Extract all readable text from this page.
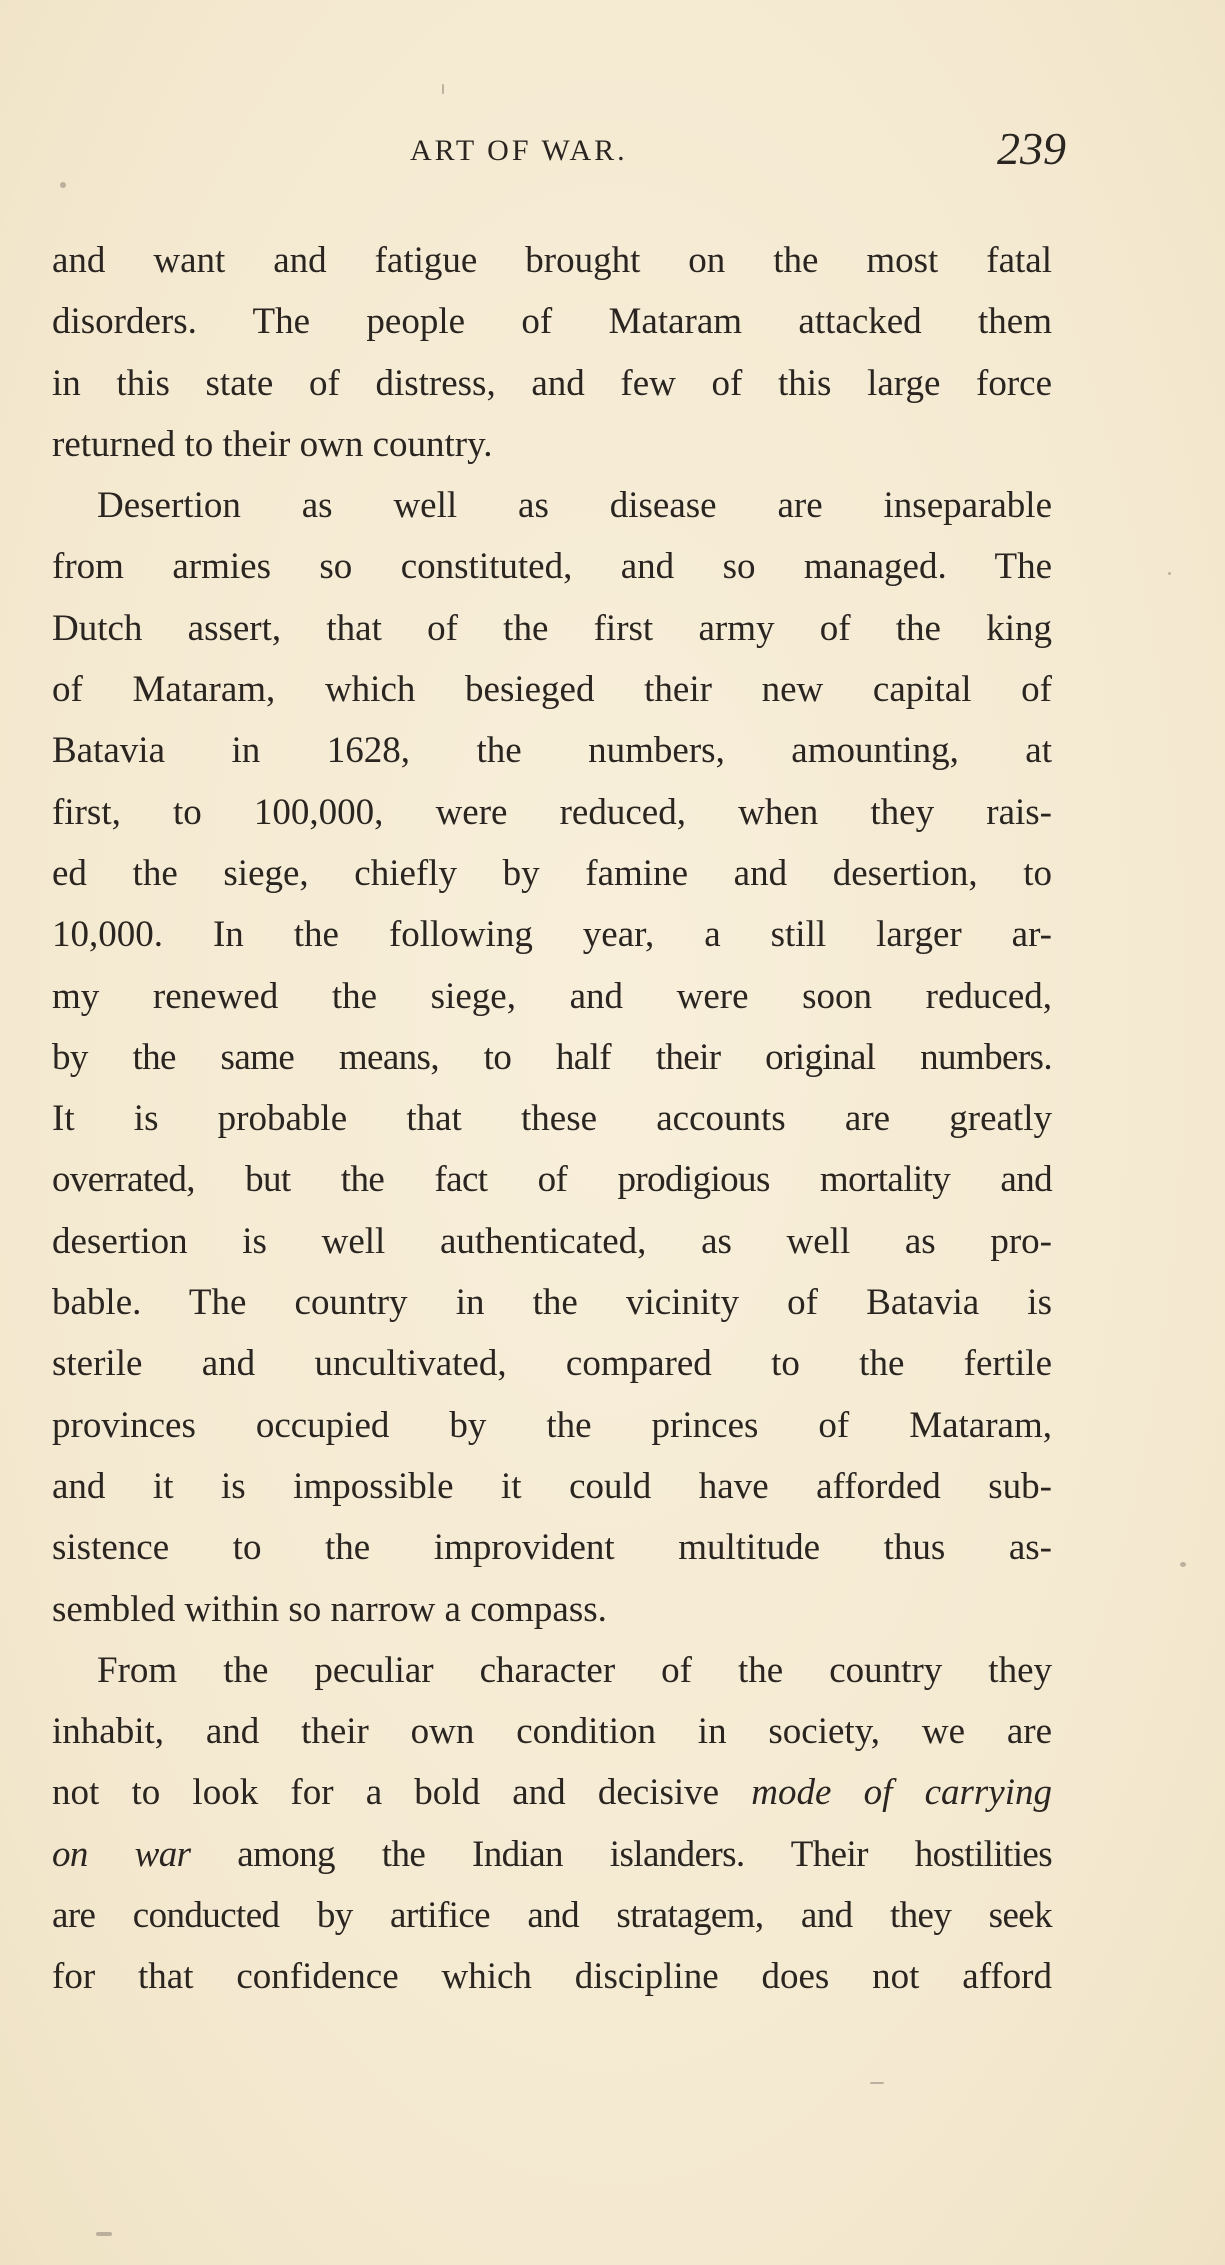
ART OF WAR.	239
and want and fatigue brought on the most fatal
disorders. The people of Mataram attacked them
in this state of distress, and few of this large force
returned to their own country.
Desertion as well as disease are inseparable
from armies so constituted, and so managed. The
Dutch assert, that of the first army of the king
of Mataram, which besieged their new capital of
Batavia in 1628, the numbers, amounting, at
first, to 100,000, were reduced, when they rais-
ed the siege, chiefly by famine and desertion, to
10,000. In the following year, a still larger ar-
my renewed the siege, and were soon reduced,
by the same means, to half their original numbers.
It is probable that these accounts are greatly
overrated, but the fact of prodigious mortality and
desertion is well authenticated, as well as pro-
bable. The country in the vicinity of Batavia is
sterile and uncultivated, compared to the fertile
provinces occupied by the princes of Mataram,
and it is impossible it could have afforded sub-
sistence to the improvident multitude thus as-
sembled within so narrow a compass.
From the peculiar character of the country they
inhabit, and their own condition in society, we are
not to look for a bold and decisive mode of carrying
on war among the Indian islanders. Their hostilities
are conducted by artifice and stratagem, and they seek
for that confidence which discipline does not afford
